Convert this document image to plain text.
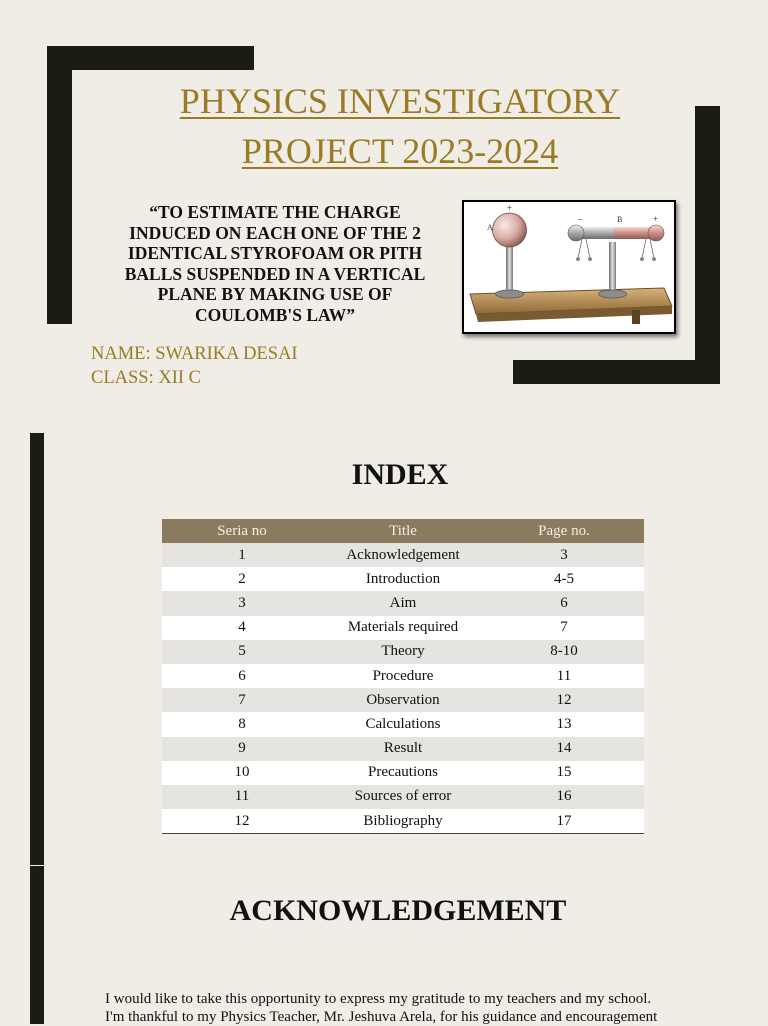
PHYSICS INVESTIGATORY
PROJECT 2023-2024
“TO ESTIMATE THE CHARGE
INDUCED ON EACH ONE OF THE 2
IDENTICAL STYROFOAM OR PITH
BALLS SUSPENDED IN A VERTICAL
PLANE BY MAKING USE OF
COULOMB'S LAW”
A
+
–	B	+
NAME: SWARIKA DESAI
CLASS: XII C
INDEX
Seria no	Title	Page no.
1	Acknowledgement	3
2	Introduction	4-5
3	Aim	6
4	Materials required	7
5	Theory	8-10
6	Procedure	11
7	Observation	12
8	Calculations	13
9	Result	14
10	Precautions	15
11	Sources of error	16
12	Bibliography	17
ACKNOWLEDGEMENT
I would like to take this opportunity to express my gratitude to my teachers and my school.
I'm thankful to my Physics Teacher, Mr. Jeshuva Arela, for his guidance and encouragement
